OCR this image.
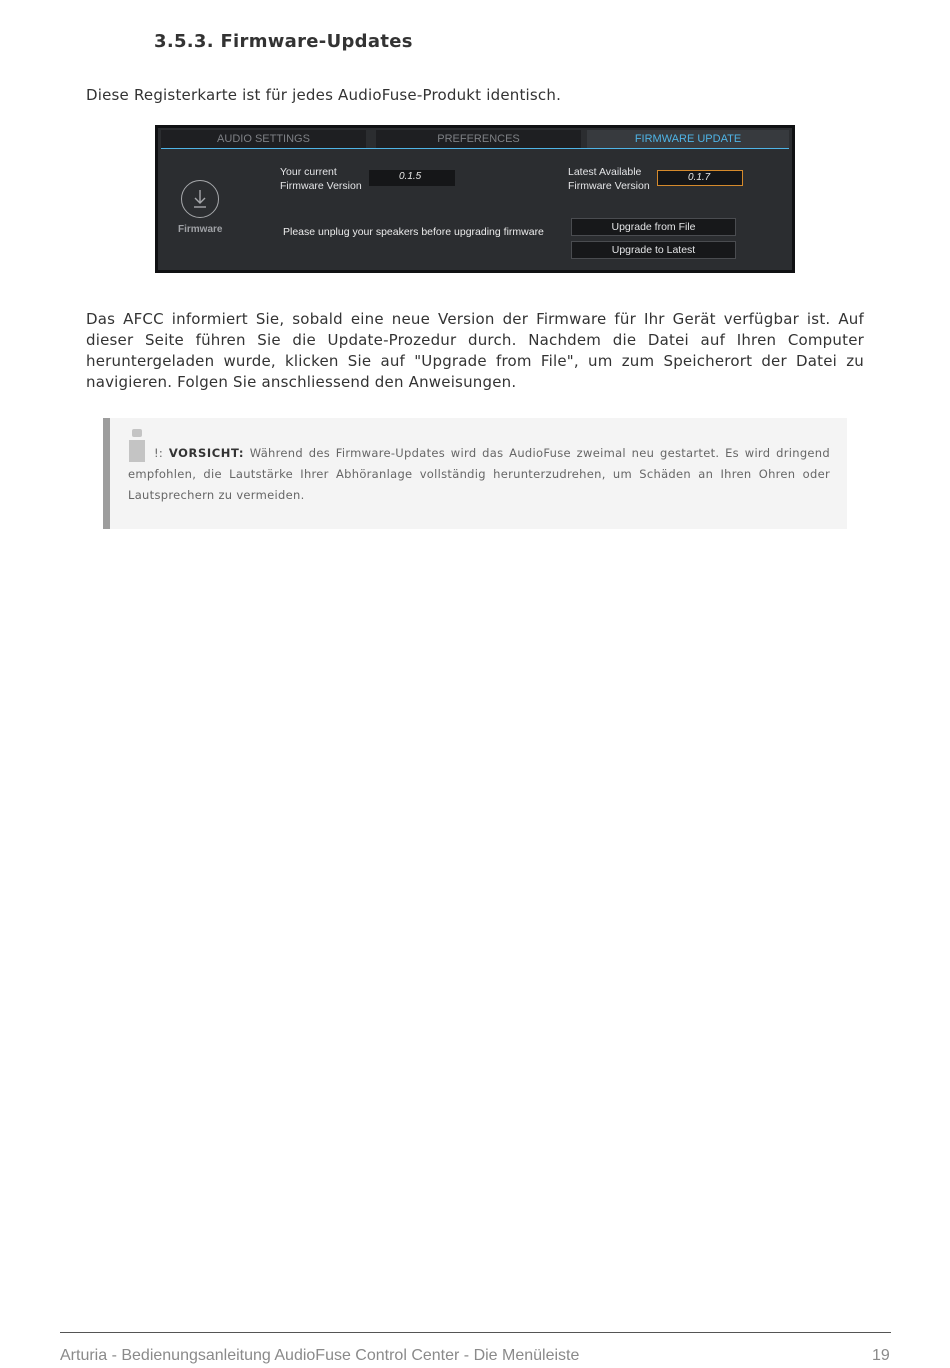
3.5.3. Firmware-Updates
Diese Registerkarte ist für jedes AudioFuse-Produkt identisch.
AUDIO SETTINGS	PREFERENCES	FIRMWARE UPDATE
Firmware
Your current
Firmware Version
0.1.5	Latest Available
Firmware Version
0.1.7
Please unplug your speakers before upgrading firmware	Upgrade from File
Upgrade to Latest
Das AFCC informiert Sie, sobald eine neue Version der Firmware für Ihr Gerät verfügbar ist. Auf dieser Seite führen Sie die Update-Prozedur durch. Nachdem die Datei auf Ihren Computer heruntergeladen wurde, klicken Sie auf "Upgrade from File", um zum Speicherort der Datei zu navigieren. Folgen Sie anschliessend den Anweisungen.
!: VORSICHT: Während des Firmware-Updates wird das AudioFuse zweimal neu gestartet. Es wird dringend empfohlen, die Lautstärke Ihrer Abhöranlage vollständig herunterzudrehen, um Schäden an Ihren Ohren oder Lautsprechern zu vermeiden.
Arturia - Bedienungsanleitung AudioFuse Control Center - Die Menüleiste	19
